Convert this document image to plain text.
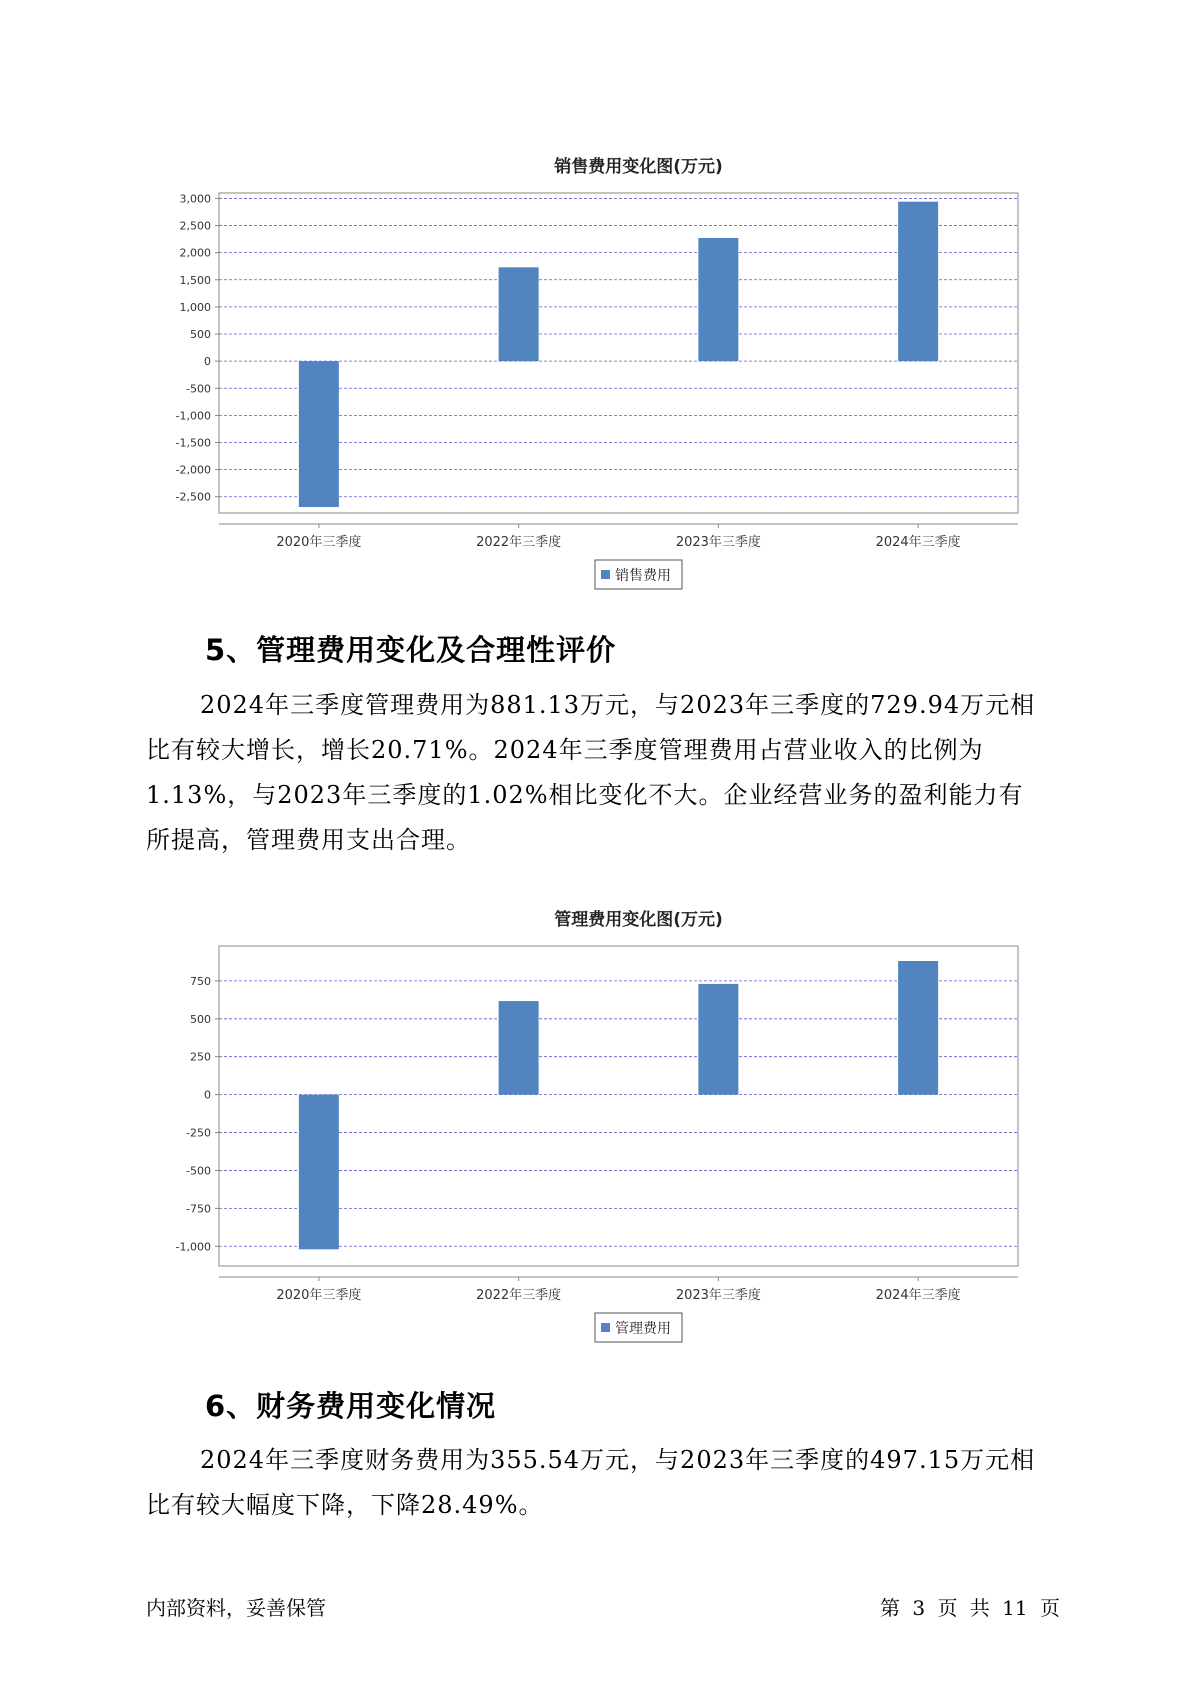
销售费用变化图(万元)
3,000
2,500
2,000
1,500
1,000
500
0
-500
-1,000
-1,500
-2,000
-2,500
2020年三季度	2022年三季度	2023年三季度	2024年三季度
销售费用
5、管理费用变化及合理性评价

2024年三季度管理费用为881.13万元，与2023年三季度的729.94万元相比有较大增长，增长20.71%。2024年三季度管理费用占营业收入的比例为1.13%，与2023年三季度的1.02%相比变化不大。企业经营业务的盈利能力有所提高，管理费用支出合理。

管理费用变化图(万元)
750
500
250
0
-250
-500
-750
-1,000
2020年三季度	2022年三季度	2023年三季度	2024年三季度
管理费用
6、财务费用变化情况

2024年三季度财务费用为355.54万元，与2023年三季度的497.15万元相比有较大幅度下降，下降28.49%。

内部资料，妥善保管	第 3 页 共 11 页
